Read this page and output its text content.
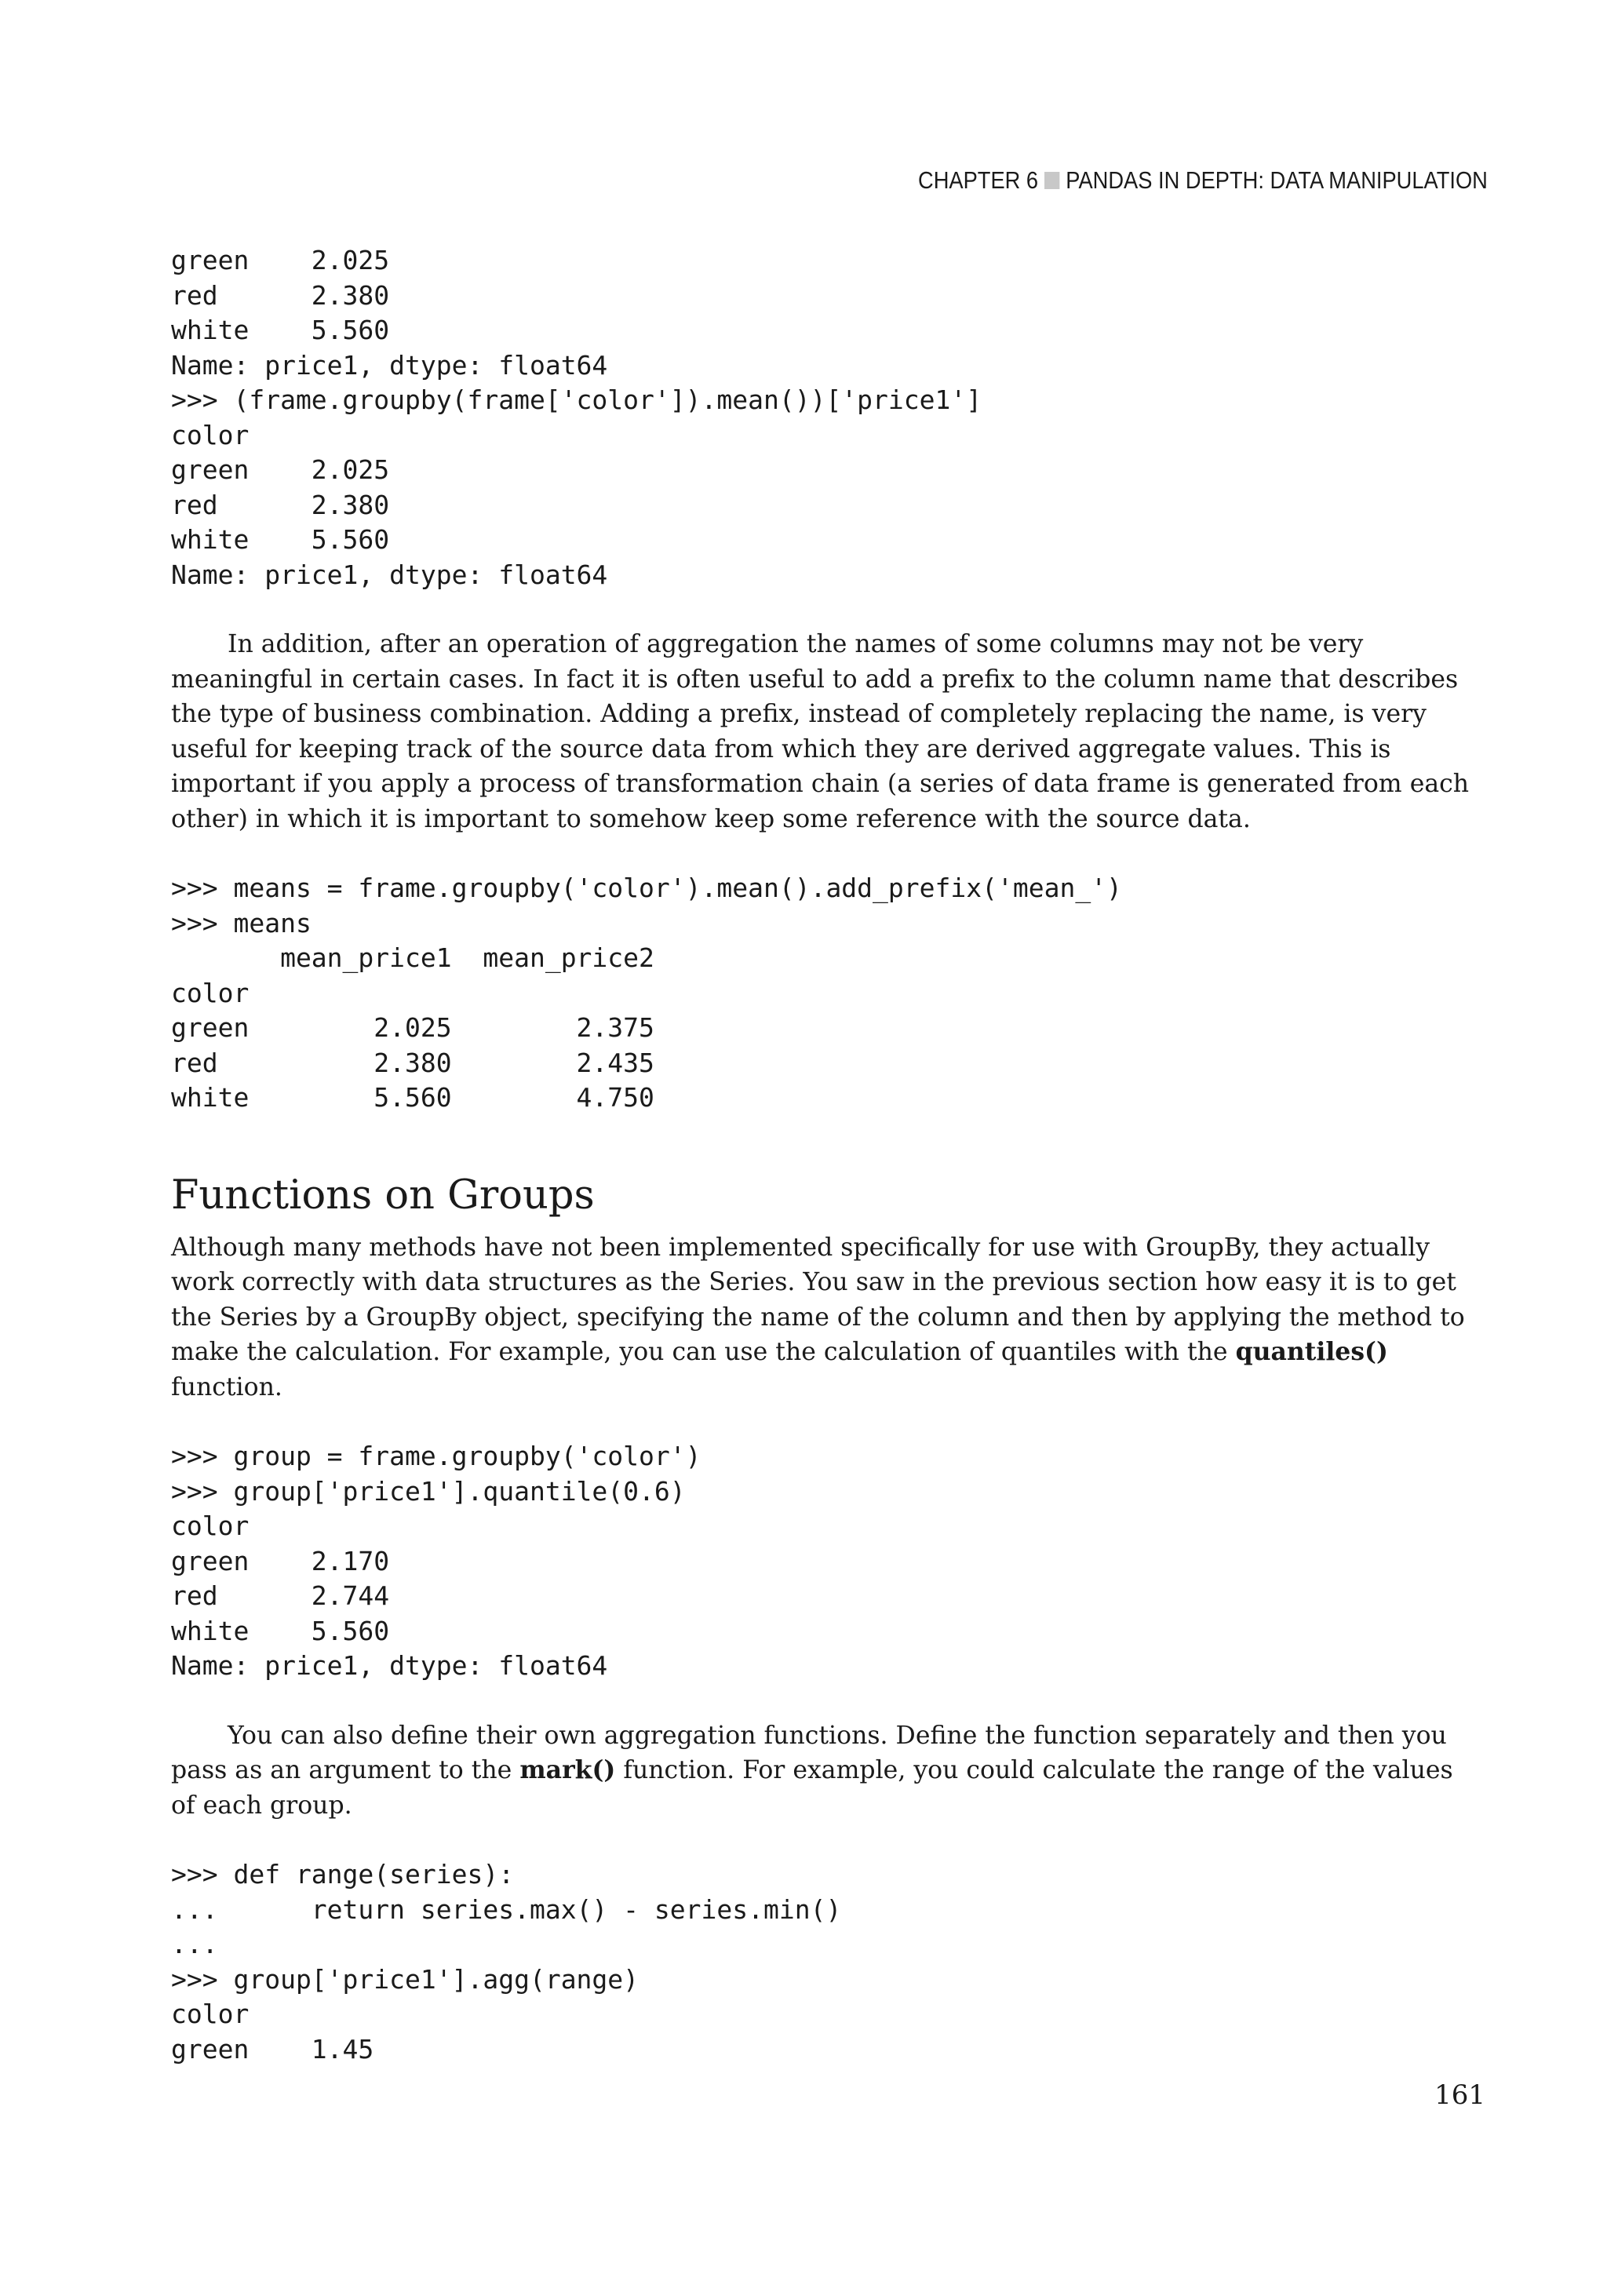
CHAPTER 6 PANDAS IN DEPTH: DATA MANIPULATION
green    2.025
red      2.380
white    5.560
Name: price1, dtype: float64
>>> (frame.groupby(frame['color']).mean())['price1']
color
green    2.025
red      2.380
white    5.560
Name: price1, dtype: float64

In addition, after an operation of aggregation the names of some columns may not be very meaningful in certain cases. In fact it is often useful to add a prefix to the column name that describes the type of business combination. Adding a prefix, instead of completely replacing the name, is very useful for keeping track of the source data from which they are derived aggregate values. This is important if you apply a process of transformation chain (a series of data frame is generated from each other) in which it is important to somehow keep some reference with the source data.

>>> means = frame.groupby('color').mean().add_prefix('mean_')
>>> means
mean_price1  mean_price2
color
green        2.025        2.375
red          2.380        2.435
white        5.560        4.750
Functions on Groups

Although many methods have not been implemented specifically for use with GroupBy, they actually work correctly with data structures as the Series. You saw in the previous section how easy it is to get the Series by a GroupBy object, specifying the name of the column and then by applying the method to make the calculation. For example, you can use the calculation of quantiles with the quantiles() function.

>>> group = frame.groupby('color')
>>> group['price1'].quantile(0.6)
color
green    2.170
red      2.744
white    5.560
Name: price1, dtype: float64

You can also define their own aggregation functions. Define the function separately and then you pass as an argument to the mark() function. For example, you could calculate the range of the values of each group.

>>> def range(series):
...      return series.max() - series.min()
...
>>> group['price1'].agg(range)
color
green    1.45
161
